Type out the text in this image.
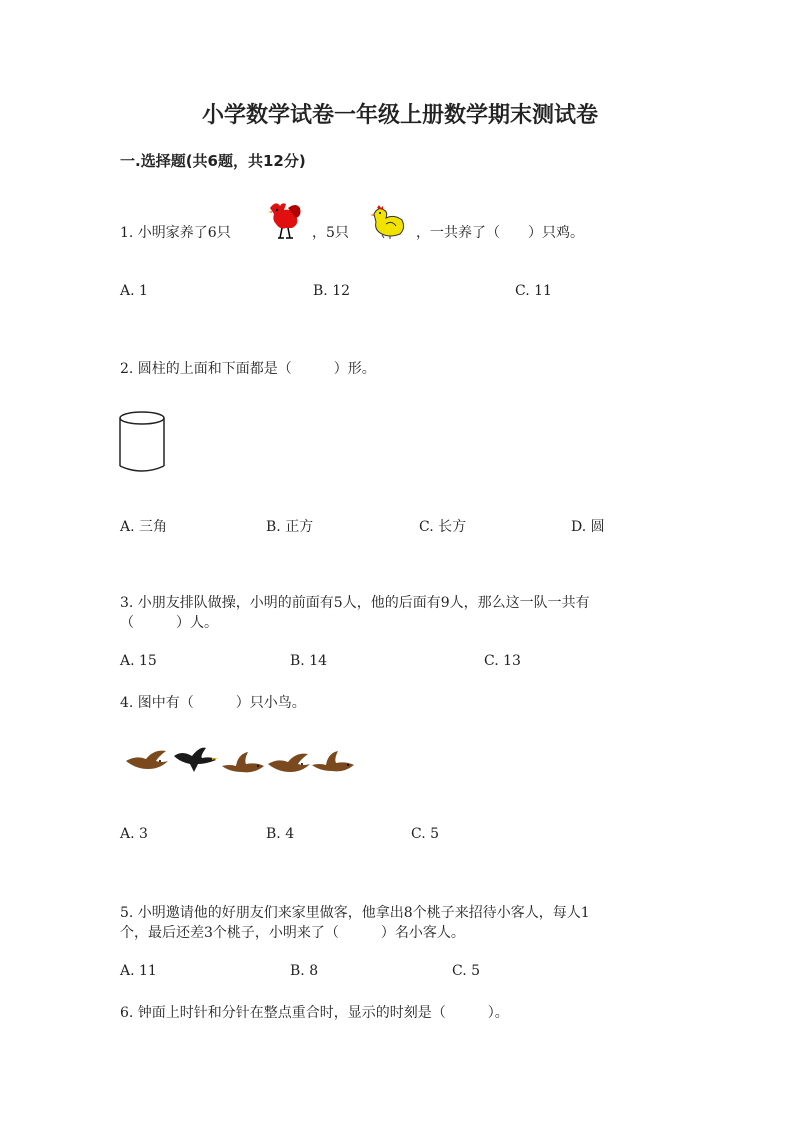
小学数学试卷一年级上册数学期末测试卷
一.选择题(共6题，共12分)
1. 小明家养了6只	，5只	，一共养了（　　）只鸡。
A. 1	B. 12	C. 11
2. 圆柱的上面和下面都是（　　　）形。
A. 三角	B. 正方	C. 长方	D. 圆
3. 小朋友排队做操，小明的前面有5人，他的后面有9人，那么这一队一共有
（　　　）人。
A. 15	B. 14	C. 13
4. 图中有（　　　）只小鸟。
A. 3	B. 4	C. 5
5. 小明邀请他的好朋友们来家里做客，他拿出8个桃子来招待小客人，每人1
个，最后还差3个桃子，小明来了（　　　）名小客人。
A. 11	B. 8	C. 5
6. 钟面上时针和分针在整点重合时，显示的时刻是（　　　）。
